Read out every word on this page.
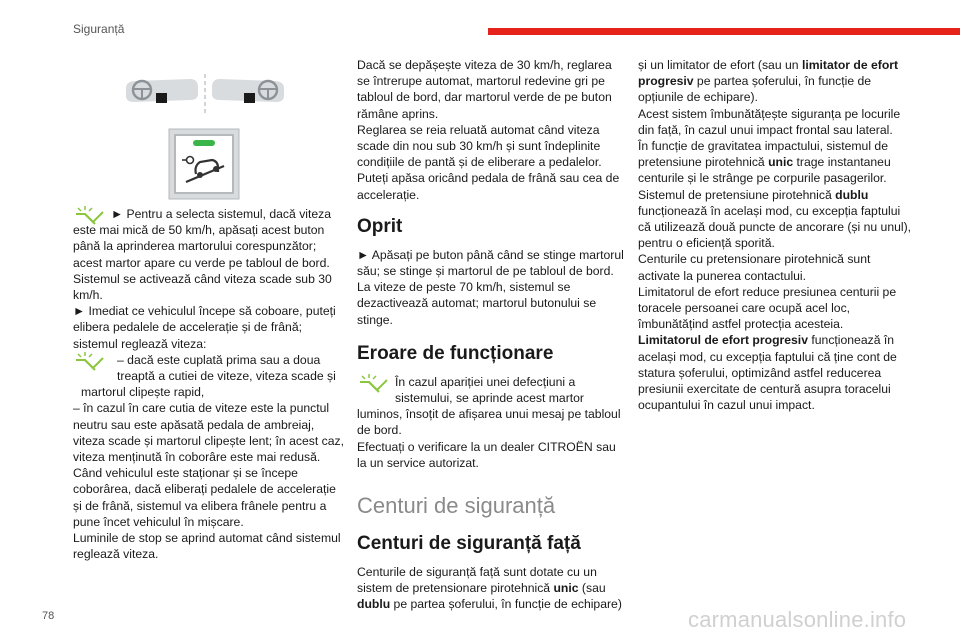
Siguranță

► Pentru a selecta sistemul, dacă viteza este mai mică de 50 km/h, apăsați acest buton până la aprinderea martorului corespunzător; acest martor apare cu verde pe tabloul de bord.

Sistemul se activează când viteza scade sub 30 km/h.

► Imediat ce vehiculul începe să coboare, puteți elibera pedalele de accelerație și de frână; sistemul reglează viteza:

– dacă este cuplată prima sau a doua

treaptă a cutiei de viteze, viteza scade și martorul clipește rapid,

– în cazul în care cutia de viteze este la punctul neutru sau este apăsată pedala de ambreiaj, viteza scade și martorul clipește lent; în acest caz, viteza menținută în coborâre este mai redusă.

Când vehiculul este staționar și se începe coborârea, dacă eliberați pedalele de accelerație și de frână, sistemul va elibera frânele pentru a pune încet vehiculul în mișcare.

Luminile de stop se aprind automat când sistemul reglează viteza.

Dacă se depășește viteza de 30 km/h, reglarea se întrerupe automat, martorul redevine gri pe tabloul de bord, dar martorul verde de pe buton rămâne aprins.

Reglarea se reia reluată automat când viteza scade din nou sub 30 km/h și sunt îndeplinite condițiile de pantă și de eliberare a pedalelor.

Puteți apăsa oricând pedala de frână sau cea de accelerație.

Oprit

► Apăsați pe buton până când se stinge martorul său; se stinge și martorul de pe tabloul de bord.

La viteze de peste 70 km/h, sistemul se dezactivează automat; martorul butonului se stinge.

Eroare de funcționare

În cazul apariției unei defecțiuni a

sistemului, se aprinde acest martor luminos, însoțit de afișarea unui mesaj pe tabloul de bord.

Efectuați o verificare la un dealer CITROËN sau la un service autorizat.

Centuri de siguranță
Centuri de siguranță față

Centurile de siguranță față sunt dotate cu un sistem de pretensionare pirotehnică unic (sau dublu pe partea șoferului, în funcție de echipare)

și un limitator de efort (sau un limitator de efort progresiv pe partea șoferului, în funcție de opțiunile de echipare).

Acest sistem îmbunătățește siguranța pe locurile din față, în cazul unui impact frontal sau lateral.

În funcție de gravitatea impactului, sistemul de pretensiune pirotehnică unic trage instantaneu centurile și le strânge pe corpurile pasagerilor.

Sistemul de pretensiune pirotehnică dublu funcționează în același mod, cu excepția faptului că utilizează două puncte de ancorare (și nu unul), pentru o eficiență sporită.

Centurile cu pretensionare pirotehnică sunt activate la punerea contactului.

Limitatorul de efort reduce presiunea centurii pe toracele persoanei care ocupă acel loc, îmbunătățind astfel protecția acesteia.

Limitatorul de efort progresiv funcționează în același mod, cu excepția faptului că ține cont de statura șoferului, optimizând astfel reducerea presiunii exercitate de centură asupra toracelui ocupantului în cazul unui impact.

78	carmanualsonline.info
